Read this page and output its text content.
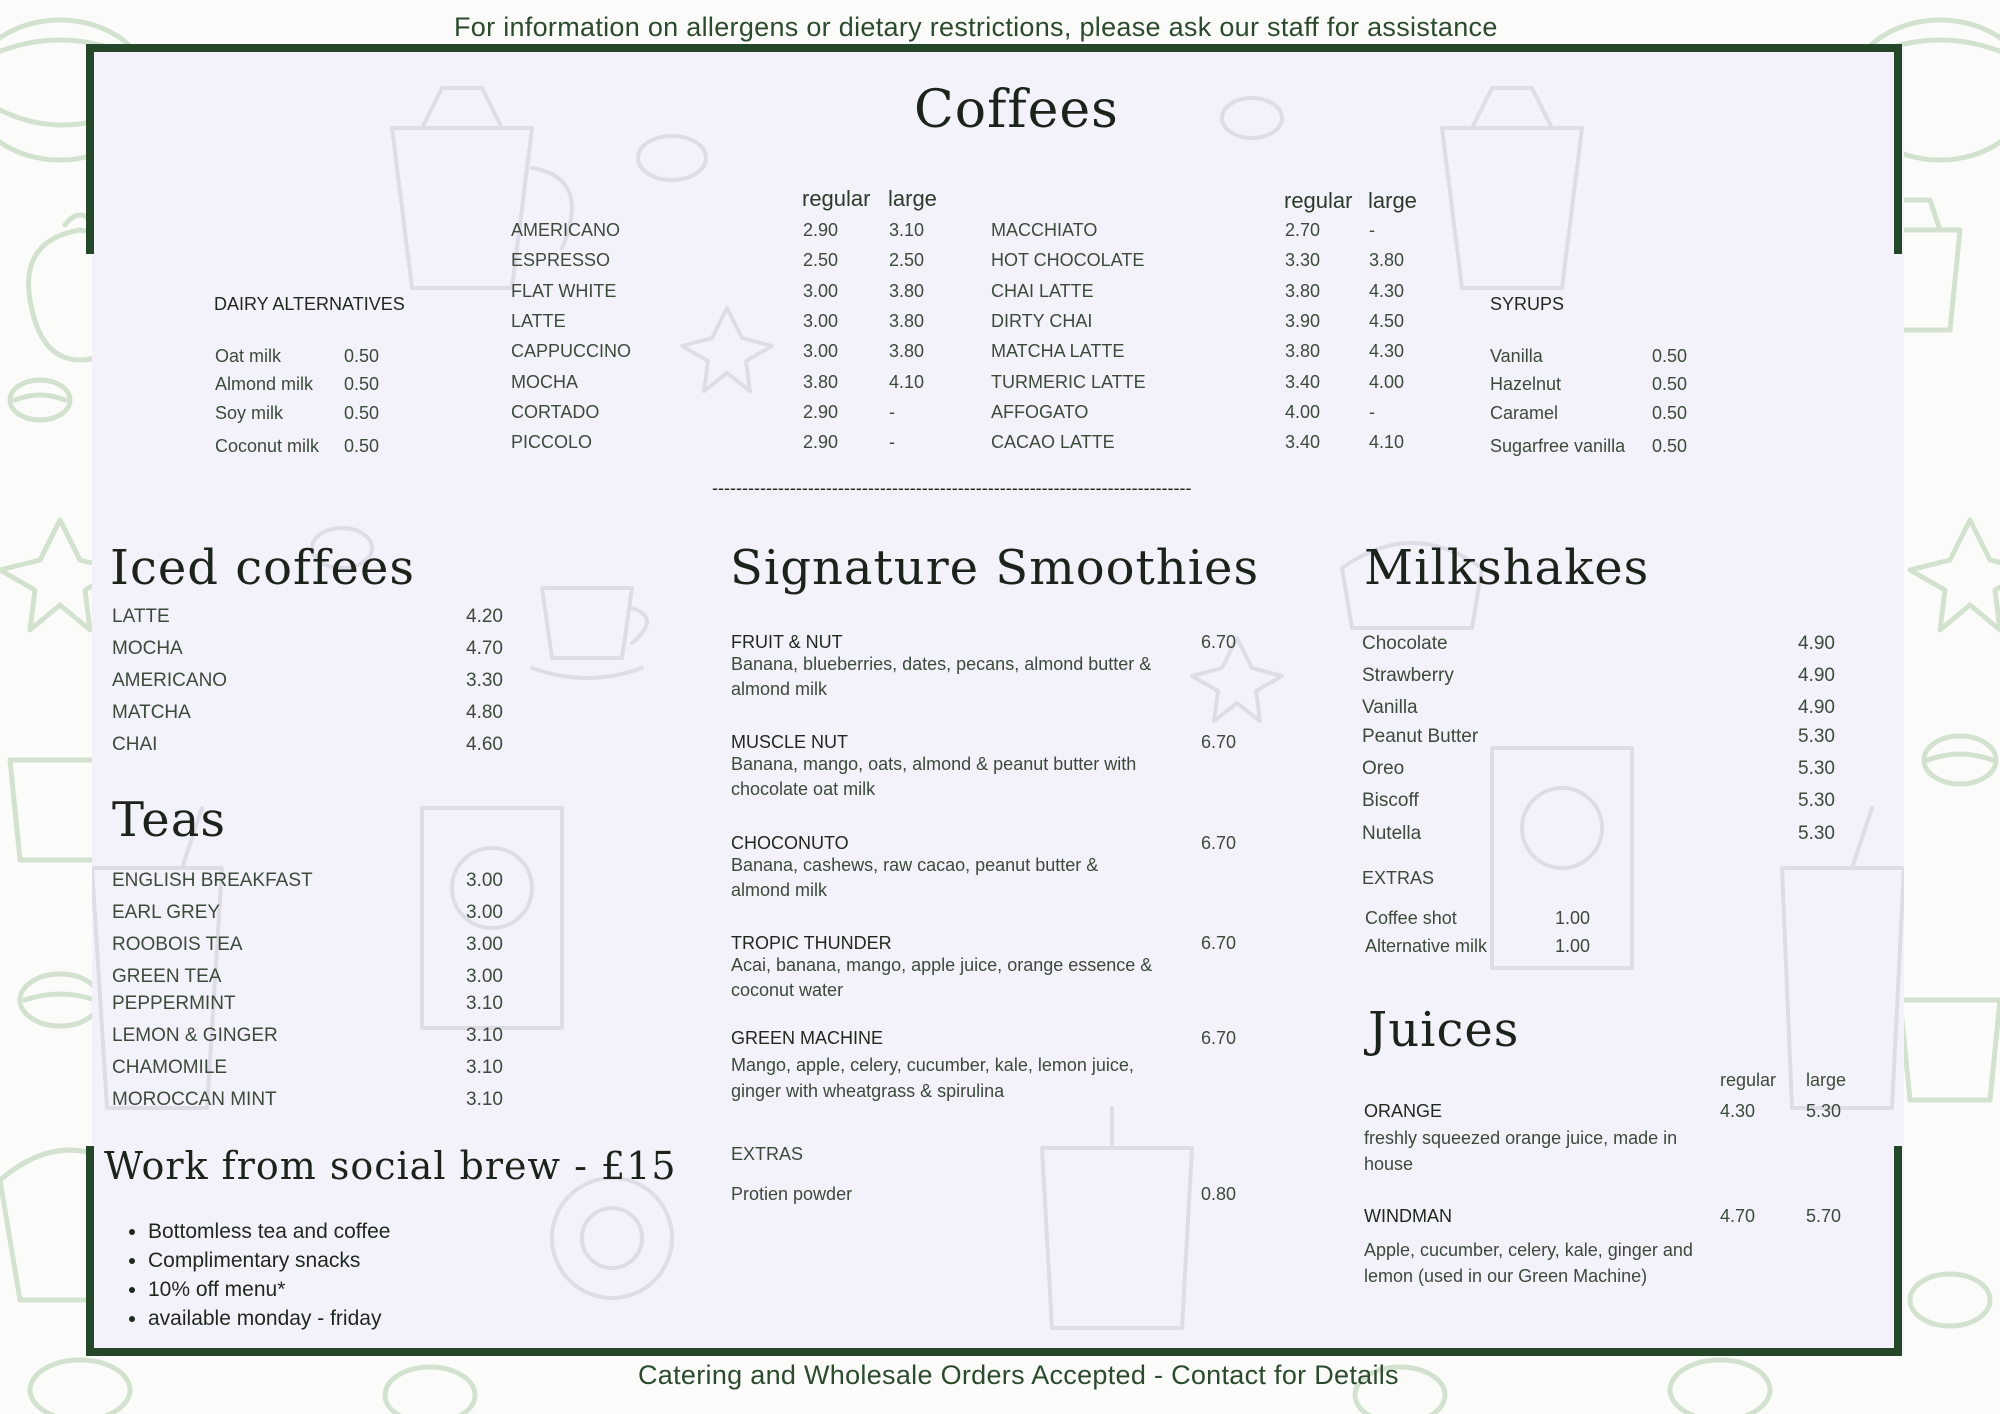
For information on allergens or dietary restrictions, please ask our staff for assistance
Catering and Wholesale Orders Accepted - Contact for Details
Coffees
regular large	regular large
AMERICANO	2.90	3.10
ESPRESSO	2.50	2.50
FLAT WHITE	3.00	3.80
LATTE	3.00	3.80
CAPPUCCINO	3.00	3.80
MOCHA	3.80	4.10
CORTADO	2.90	-
PICCOLO	2.90	-
MACCHIATO	2.70	-
HOT CHOCOLATE	3.30	3.80
CHAI LATTE	3.80	4.30
DIRTY CHAI	3.90	4.50
MATCHA LATTE	3.80	4.30
TURMERIC LATTE	3.40	4.00
AFFOGATO	4.00	-
CACAO LATTE	3.40	4.10
DAIRY ALTERNATIVES
Oat milk	0.50
Almond milk 0.50
Soy milk	0.50
Coconut milk 0.50
SYRUPS
Vanilla	0.50
Hazelnut	0.50
Caramel	0.50
Sugarfree vanilla 0.50
--------------------------------------------------------------------------------
Iced coffees
LATTE	4.20
MOCHA	4.70
AMERICANO	3.30
MATCHA	4.80
CHAI	4.60
Teas
ENGLISH BREAKFAST	3.00
EARL GREY	3.00
ROOBOIS TEA	3.00
GREEN TEA	3.00
PEPPERMINT	3.10
LEMON & GINGER	3.10
CHAMOMILE	3.10
MOROCCAN MINT	3.10
Work from social brew - £15
• Bottomless tea and coffee
• Complimentary snacks
• 10% off menu*
• available monday - friday
Signature Smoothies
FRUIT & NUT	6.70
Banana, blueberries, dates, pecans, almond butter &
almond milk
MUSCLE NUT	6.70
Banana, mango, oats, almond & peanut butter with
chocolate oat milk
CHOCONUTO	6.70
Banana, cashews, raw cacao, peanut butter &
almond milk
TROPIC THUNDER	6.70
Acai, banana, mango, apple juice, orange essence &
coconut water
GREEN MACHINE	6.70
Mango, apple, celery, cucumber, kale, lemon juice,
ginger with wheatgrass & spirulina
EXTRAS
Protien powder	0.80
Milkshakes
Chocolate	4.90
Strawberry	4.90
Vanilla	4.90
Peanut Butter	5.30
Oreo	5.30
Biscoff	5.30
Nutella	5.30
EXTRAS
Coffee shot	1.00
Alternative milk	1.00
Juices
regular large
ORANGE	4.30	5.30
freshly squeezed orange juice, made in
house
WINDMAN	4.70	5.70
Apple, cucumber, celery, kale, ginger and
lemon (used in our Green Machine)
